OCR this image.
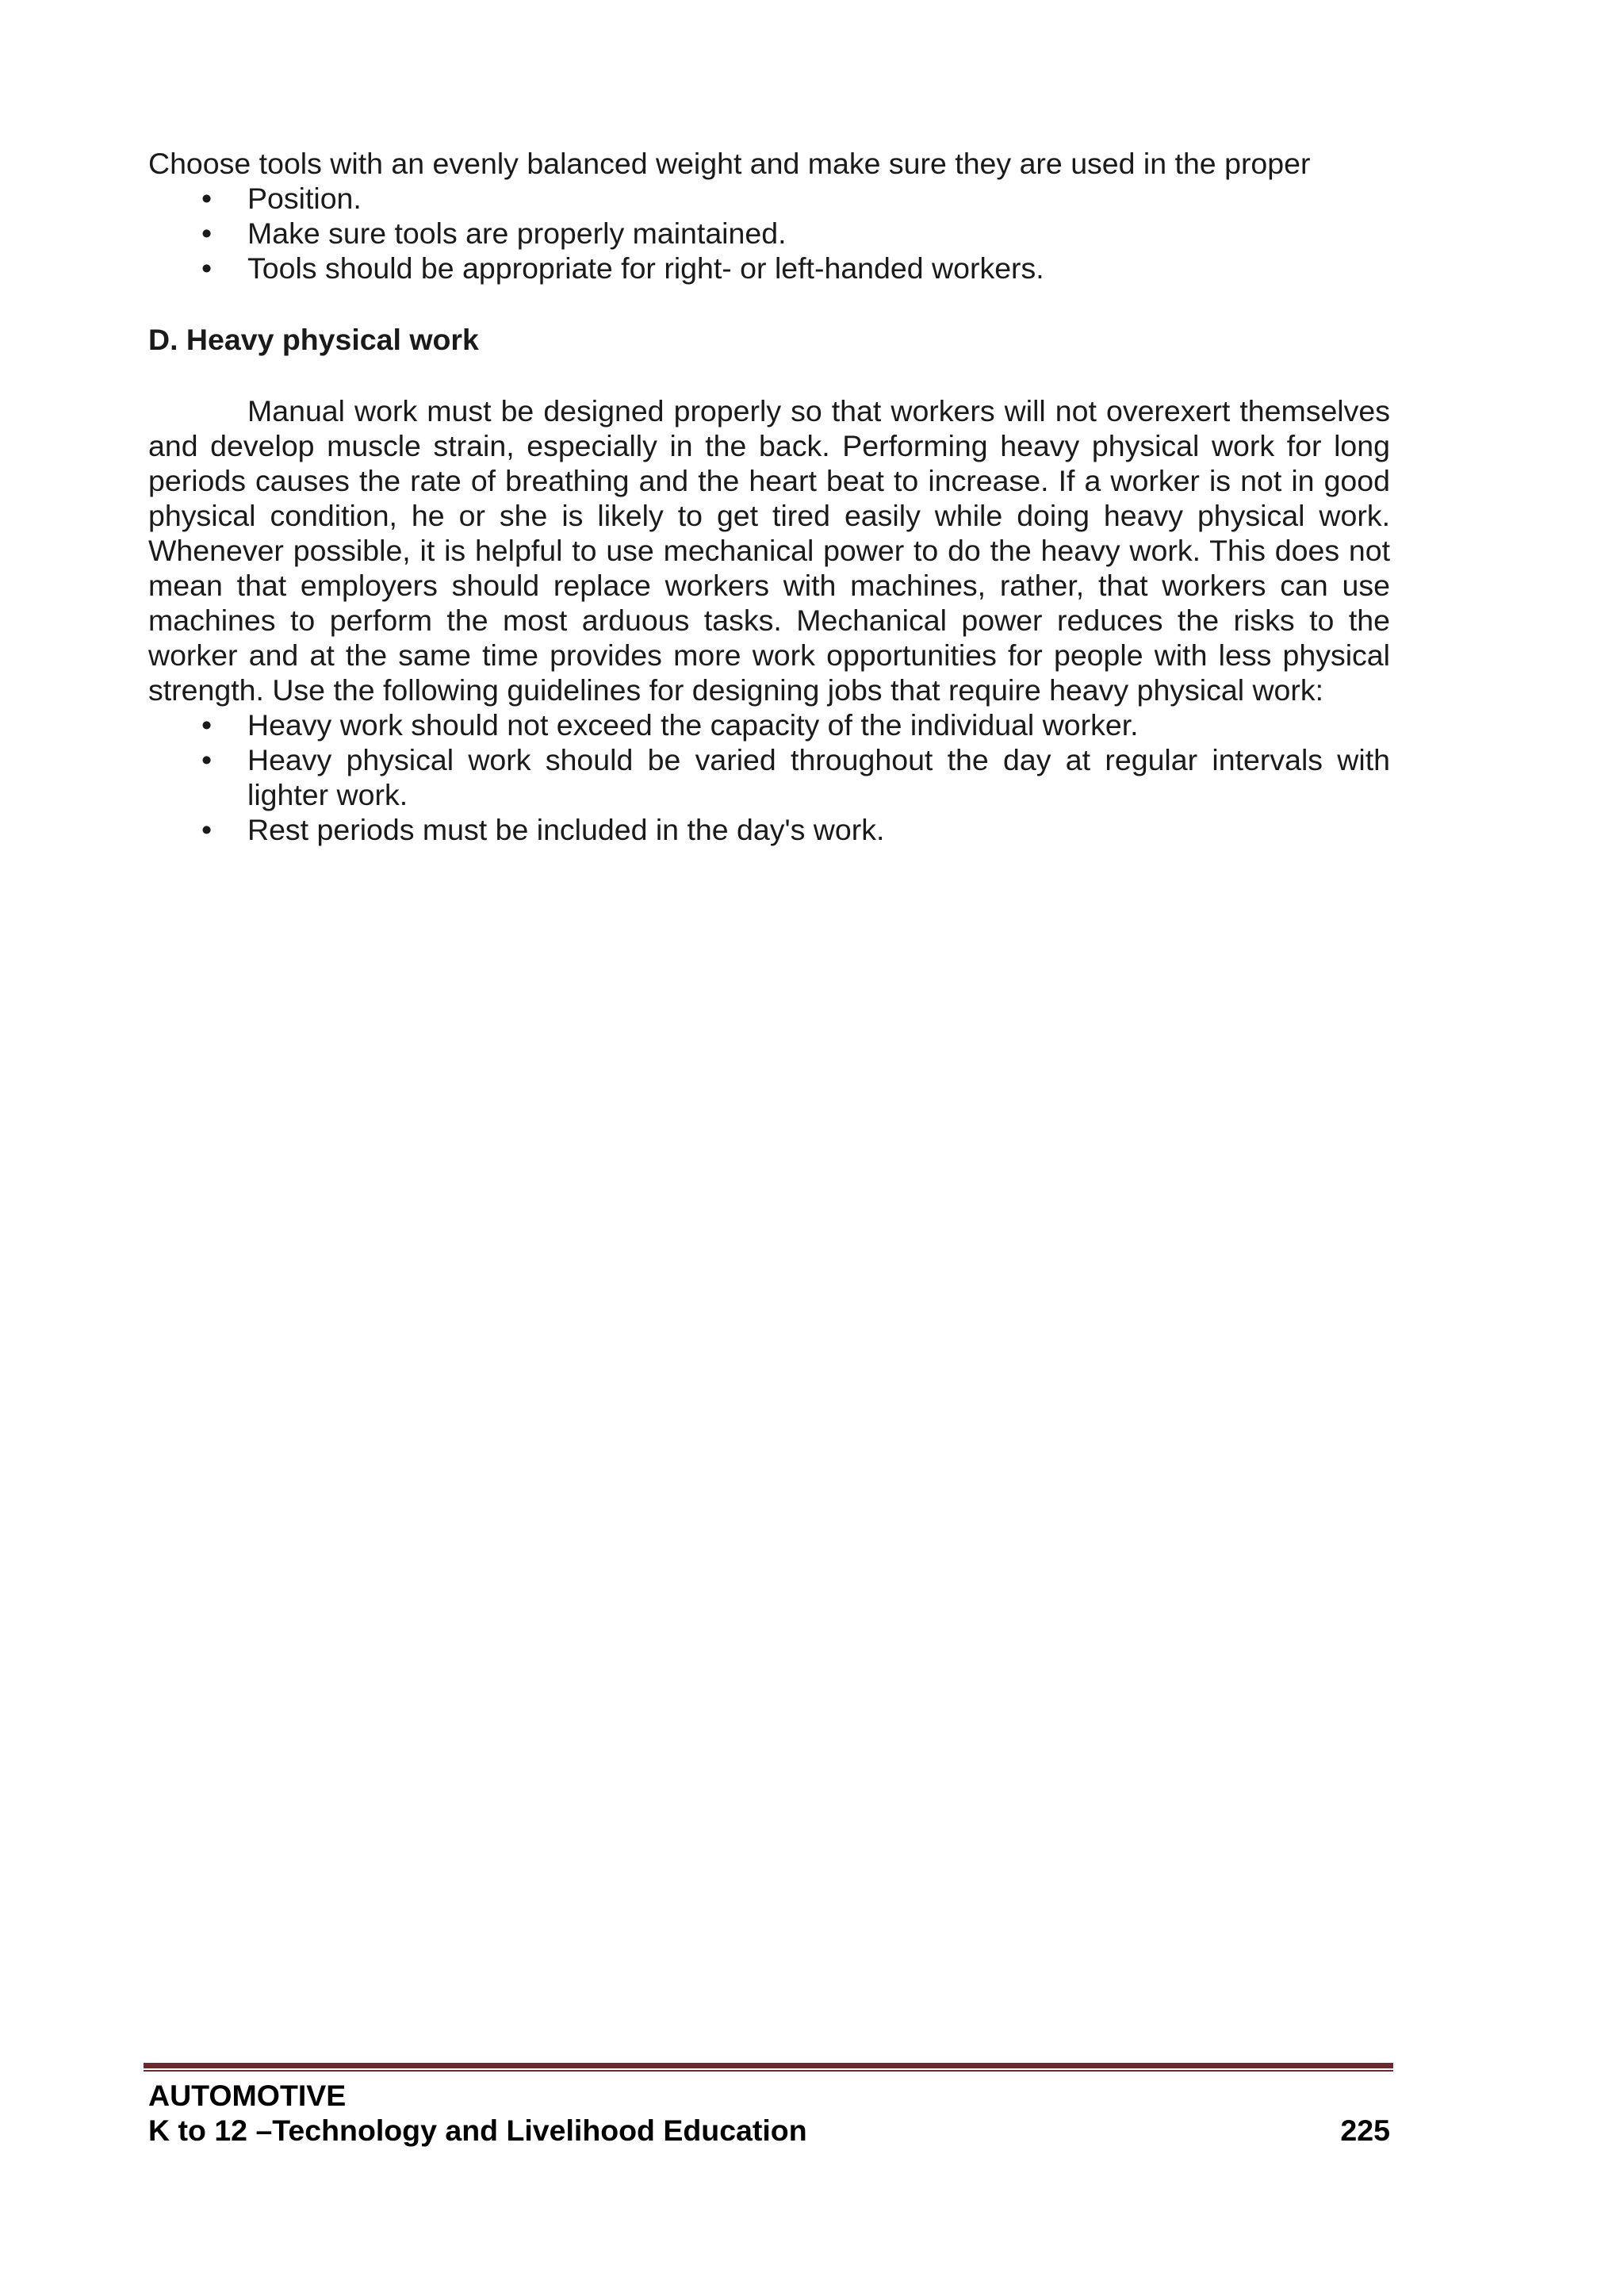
Choose tools with an evenly balanced weight and make sure they are used in the proper

• Position.
• Make sure tools are properly maintained.
• Tools should be appropriate for right- or left-handed workers.

D. Heavy physical work

Manual work must be designed properly so that workers will not overexert themselves and develop muscle strain, especially in the back. Performing heavy physical work for long periods causes the rate of breathing and the heart beat to increase. If a worker is not in good physical condition, he or she is likely to get tired easily while doing heavy physical work. Whenever possible, it is helpful to use mechanical power to do the heavy work. This does not mean that employers should replace workers with machines, rather, that workers can use machines to perform the most arduous tasks. Mechanical power reduces the risks to the worker and at the same time provides more work opportunities for people with less physical strength. Use the following guidelines for designing jobs that require heavy physical work:

• Heavy work should not exceed the capacity of the individual worker.
• Heavy physical work should be varied throughout the day at regular intervals with lighter work.
• Rest periods must be included in the day's work.
AUTOMOTIVE
K to 12 –Technology and Livelihood Education	225
